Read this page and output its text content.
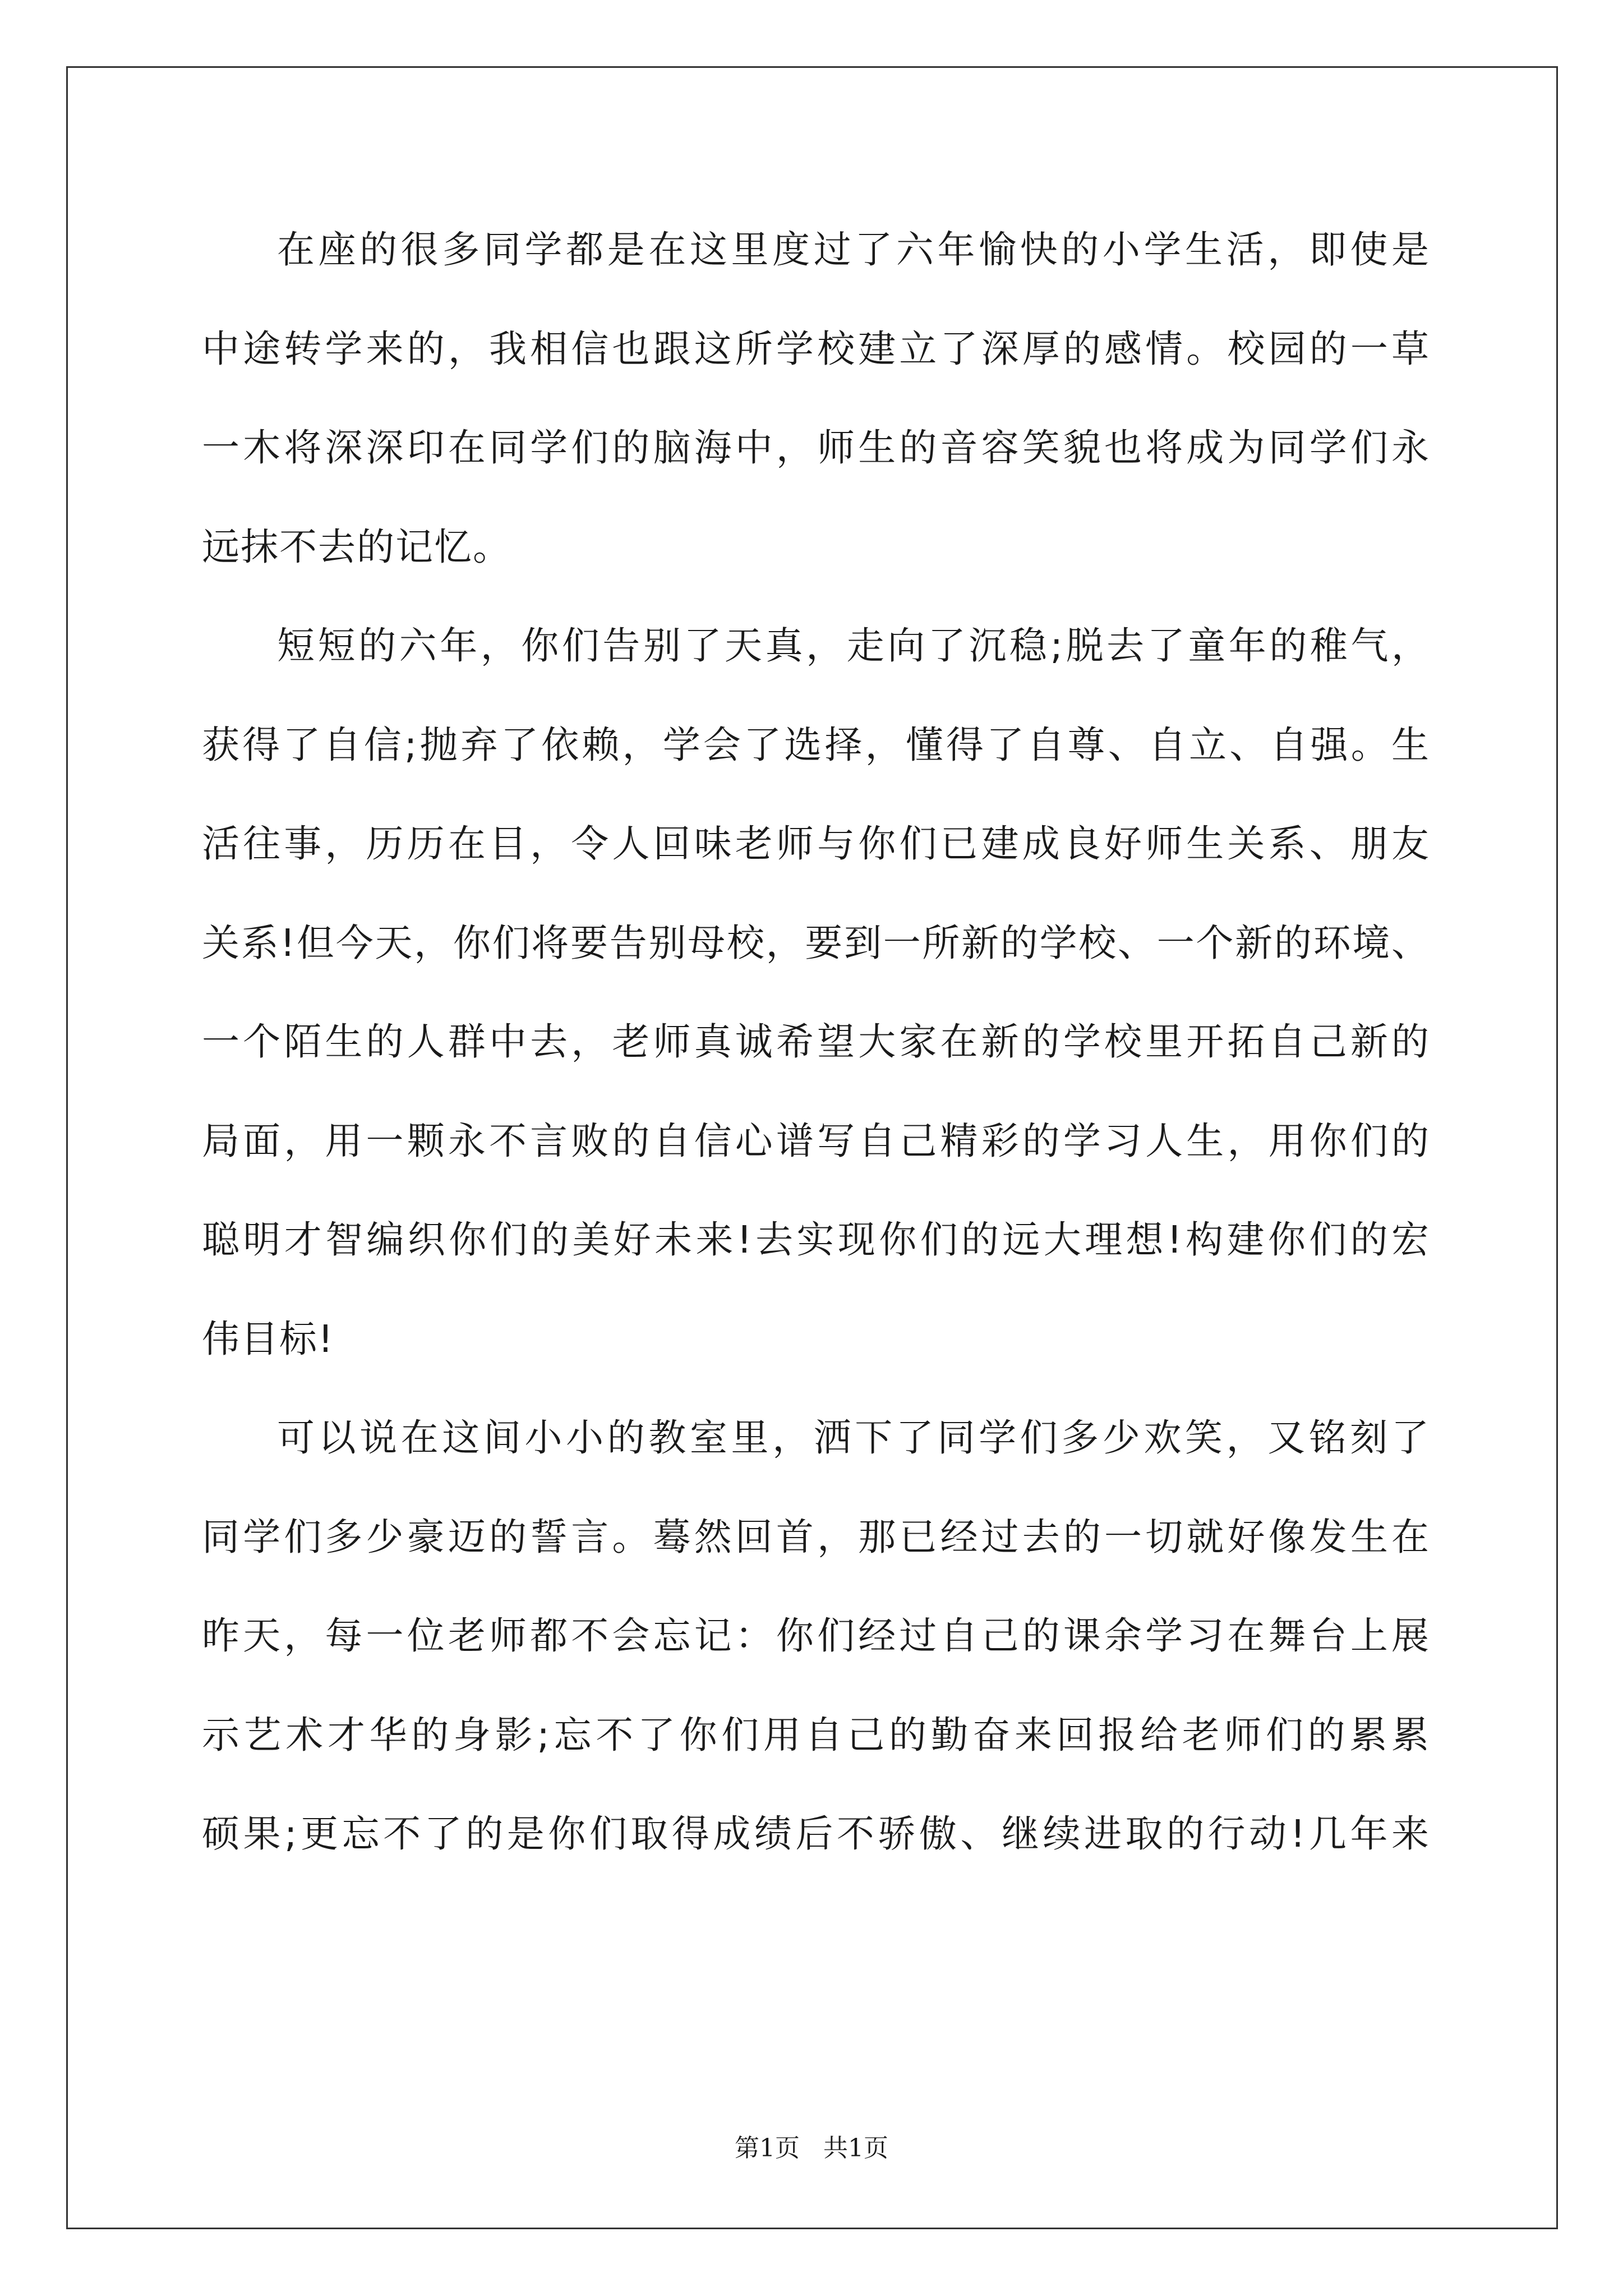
在座的很多同学都是在这里度过了六年愉快的小学生活，即使是
中途转学来的，我相信也跟这所学校建立了深厚的感情。校园的一草
一木将深深印在同学们的脑海中，师生的音容笑貌也将成为同学们永
远抹不去的记忆。
短短的六年，你们告别了天真，走向了沉稳;脱去了童年的稚气，
获得了自信;抛弃了依赖，学会了选择，懂得了自尊、自立、自强。生
活往事，历历在目，令人回味老师与你们已建成良好师生关系、朋友
关系!但今天，你们将要告别母校，要到一所新的学校、一个新的环境、
一个陌生的人群中去，老师真诚希望大家在新的学校里开拓自己新的
局面，用一颗永不言败的自信心谱写自己精彩的学习人生，用你们的
聪明才智编织你们的美好未来!去实现你们的远大理想!构建你们的宏
伟目标!
可以说在这间小小的教室里，洒下了同学们多少欢笑，又铭刻了
同学们多少豪迈的誓言。蓦然回首，那已经过去的一切就好像发生在
昨天，每一位老师都不会忘记：你们经过自己的课余学习在舞台上展
示艺术才华的身影;忘不了你们用自己的勤奋来回报给老师们的累累
硕果;更忘不了的是你们取得成绩后不骄傲、继续进取的行动!几年来
第1页   共1页
